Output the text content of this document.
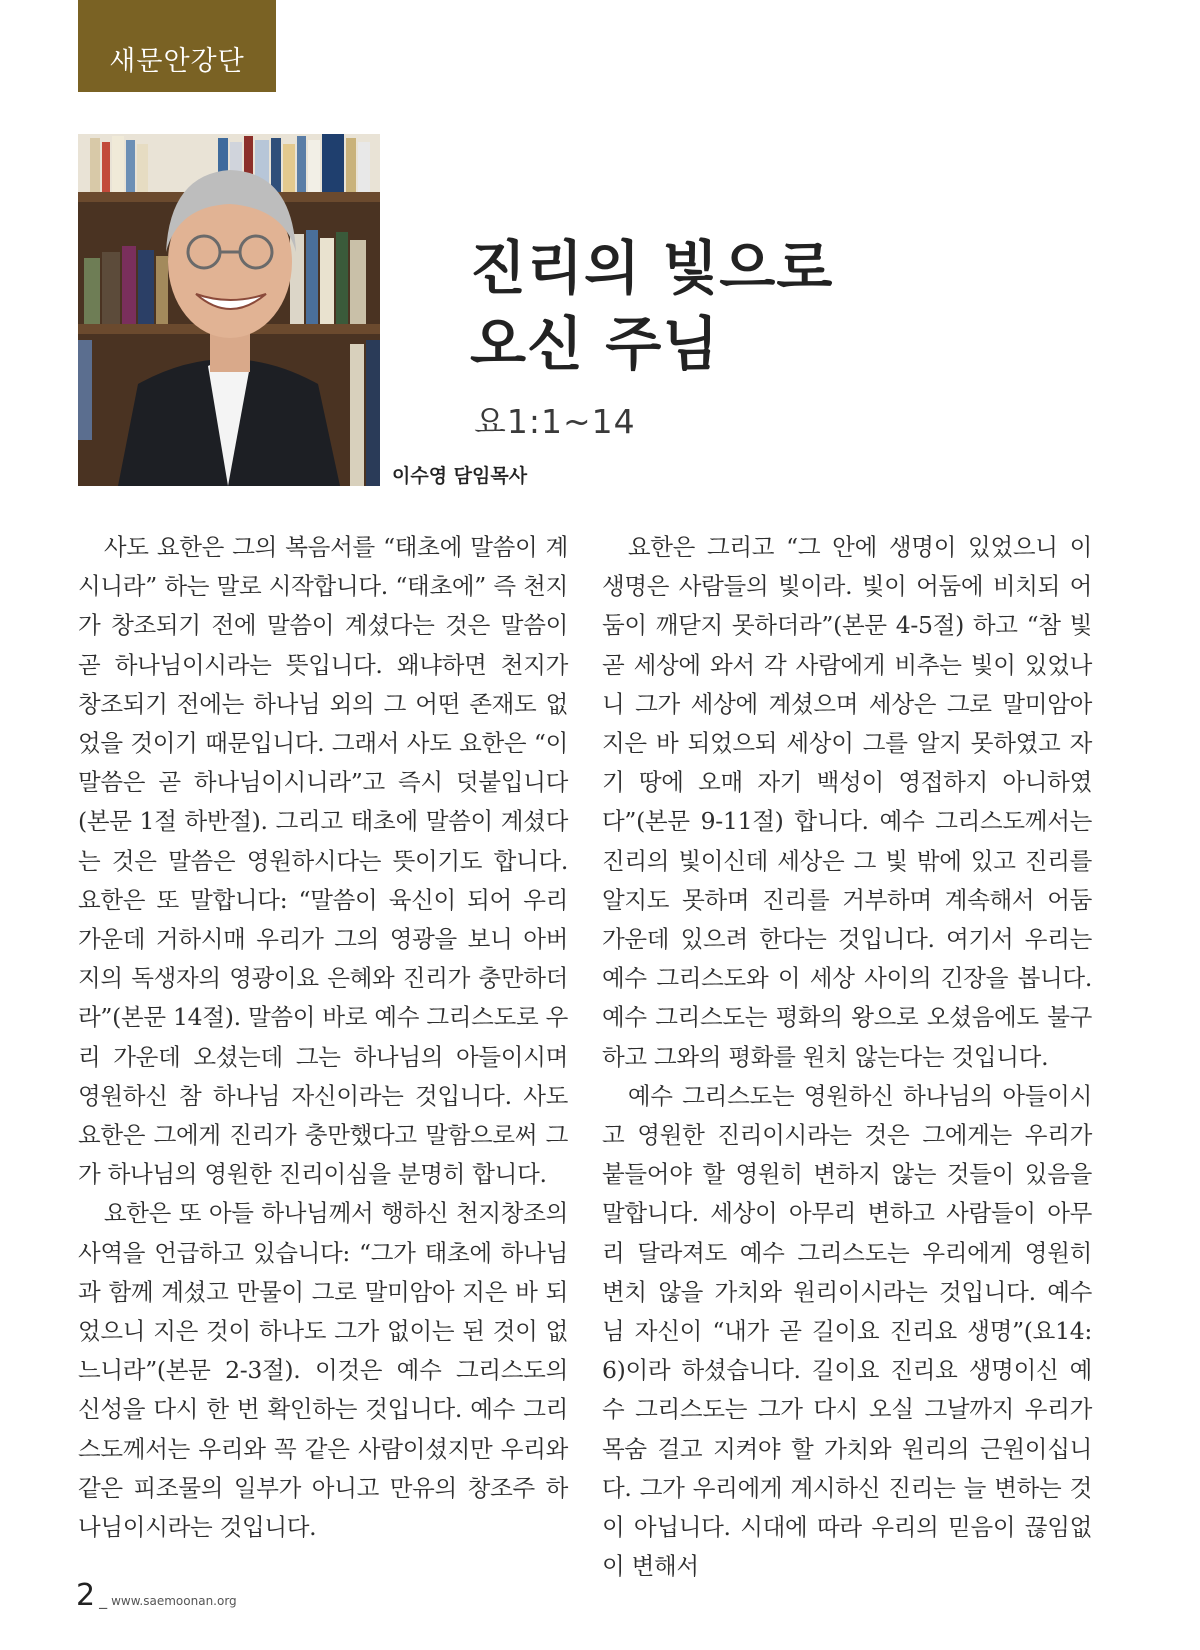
새문안강단
진리의 빛으로
오신 주님
요1:1~14
이수영 담임목사

사도 요한은 그의 복음서를 “태초에 말씀이 계시니라” 하는 말로 시작합니다. “태초에” 즉 천지가 창조되기 전에 말씀이 계셨다는 것은 말씀이 곧 하나님이시라는 뜻입니다. 왜냐하면 천지가 창조되기 전에는 하나님 외의 그 어떤 존재도 없었을 것이기 때문입니다. 그래서 사도 요한은 “이 말씀은 곧 하나님이시니라”고 즉시 덧붙입니다(본문 1절 하반절). 그리고 태초에 말씀이 계셨다는 것은 말씀은 영원하시다는 뜻이기도 합니다. 요한은 또 말합니다: “말씀이 육신이 되어 우리 가운데 거하시매 우리가 그의 영광을 보니 아버지의 독생자의 영광이요 은혜와 진리가 충만하더라”(본문 14절). 말씀이 바로 예수 그리스도로 우리 가운데 오셨는데 그는 하나님의 아들이시며 영원하신 참 하나님 자신이라는 것입니다. 사도 요한은 그에게 진리가 충만했다고 말함으로써 그가 하나님의 영원한 진리이심을 분명히 합니다.

요한은 또 아들 하나님께서 행하신 천지창조의 사역을 언급하고 있습니다: “그가 태초에 하나님과 함께 계셨고 만물이 그로 말미암아 지은 바 되었으니 지은 것이 하나도 그가 없이는 된 것이 없느니라”(본문 2-3절). 이것은 예수 그리스도의 신성을 다시 한 번 확인하는 것입니다. 예수 그리스도께서는 우리와 꼭 같은 사람이셨지만 우리와 같은 피조물의 일부가 아니고 만유의 창조주 하나님이시라는 것입니다.

요한은 그리고 “그 안에 생명이 있었으니 이 생명은 사람들의 빛이라. 빛이 어둠에 비치되 어둠이 깨닫지 못하더라”(본문 4-5절) 하고 “참 빛 곧 세상에 와서 각 사람에게 비추는 빛이 있었나니 그가 세상에 계셨으며 세상은 그로 말미암아 지은 바 되었으되 세상이 그를 알지 못하였고 자기 땅에 오매 자기 백성이 영접하지 아니하였다”(본문 9-11절) 합니다. 예수 그리스도께서는 진리의 빛이신데 세상은 그 빛 밖에 있고 진리를 알지도 못하며 진리를 거부하며 계속해서 어둠 가운데 있으려 한다는 것입니다. 여기서 우리는 예수 그리스도와 이 세상 사이의 긴장을 봅니다. 예수 그리스도는 평화의 왕으로 오셨음에도 불구하고 그와의 평화를 원치 않는다는 것입니다.

예수 그리스도는 영원하신 하나님의 아들이시고 영원한 진리이시라는 것은 그에게는 우리가 붙들어야 할 영원히 변하지 않는 것들이 있음을 말합니다. 세상이 아무리 변하고 사람들이 아무리 달라져도 예수 그리스도는 우리에게 영원히 변치 않을 가치와 원리이시라는 것입니다. 예수님 자신이 “내가 곧 길이요 진리요 생명”(요14:6)이라 하셨습니다. 길이요 진리요 생명이신 예수 그리스도는 그가 다시 오실 그날까지 우리가 목숨 걸고 지켜야 할 가치와 원리의 근원이십니다. 그가 우리에게 계시하신 진리는 늘 변하는 것이 아닙니다. 시대에 따라 우리의 믿음이 끊임없이 변해서

2 _ www.saemoonan.org
